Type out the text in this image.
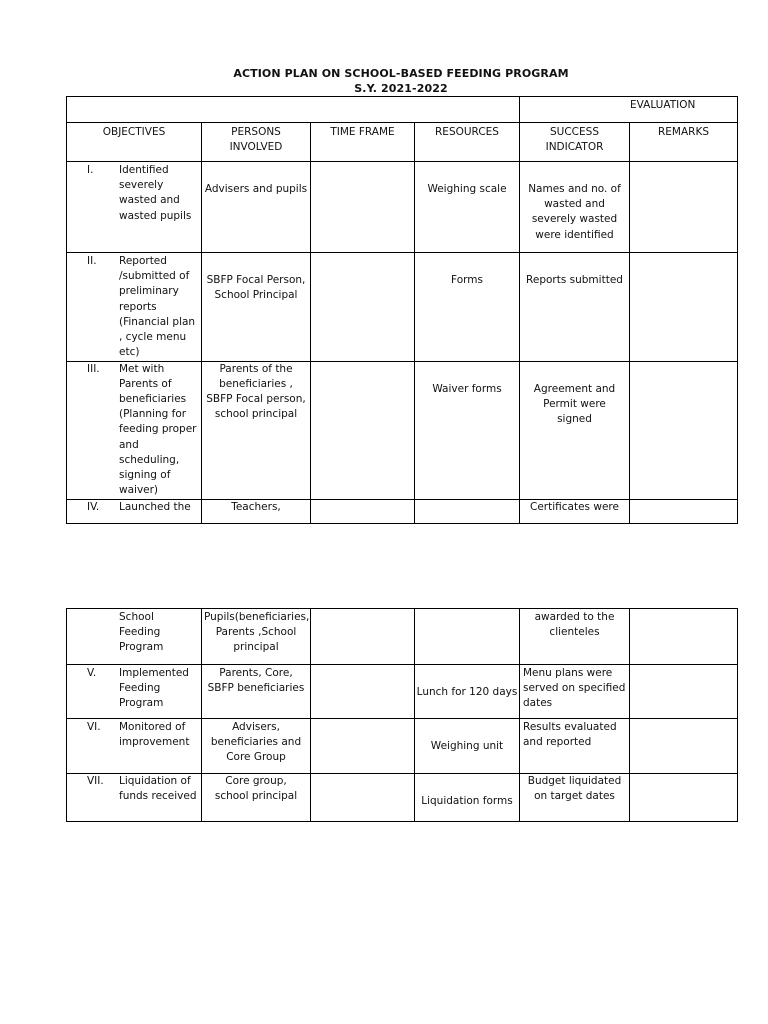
ACTION PLAN ON SCHOOL-BASED FEEDING PROGRAM
S.Y. 2021-2022
				EVALUATION	
OBJECTIVES	PERSONS INVOLVED	TIME FRAME	RESOURCES	SUCCESS INDICATOR	REMARKS

I. Identified severely wasted and wasted pupils	Advisers and pupils		Weighing scale	Names and no. of wasted and severely wasted were identified	

II. Reported /submitted of preliminary reports (Financial plan , cycle menu etc)	SBFP Focal Person, School Principal		Forms	Reports submitted	

III. Met with Parents of beneficiaries (Planning for feeding proper and scheduling, signing of waiver)	Parents of the beneficiaries , SBFP Focal person, school principal		Waiver forms	Agreement and Permit were signed	

IV. Launched the	Teachers,			Certificates were	
School Feeding Program	Pupils(beneficiaries, Parents ,School principal			awarded to the clienteles	

V. Implemented Feeding Program	Parents, Core, SBFP beneficiaries		Lunch for 120 days	Menu plans were served on specified dates	

VI. Monitored of improvement	Advisers, beneficiaries and Core Group		Weighing unit	Results evaluated and reported	

VII. Liquidation of funds received	Core group, school principal		Liquidation forms	Budget liquidated on target dates	
